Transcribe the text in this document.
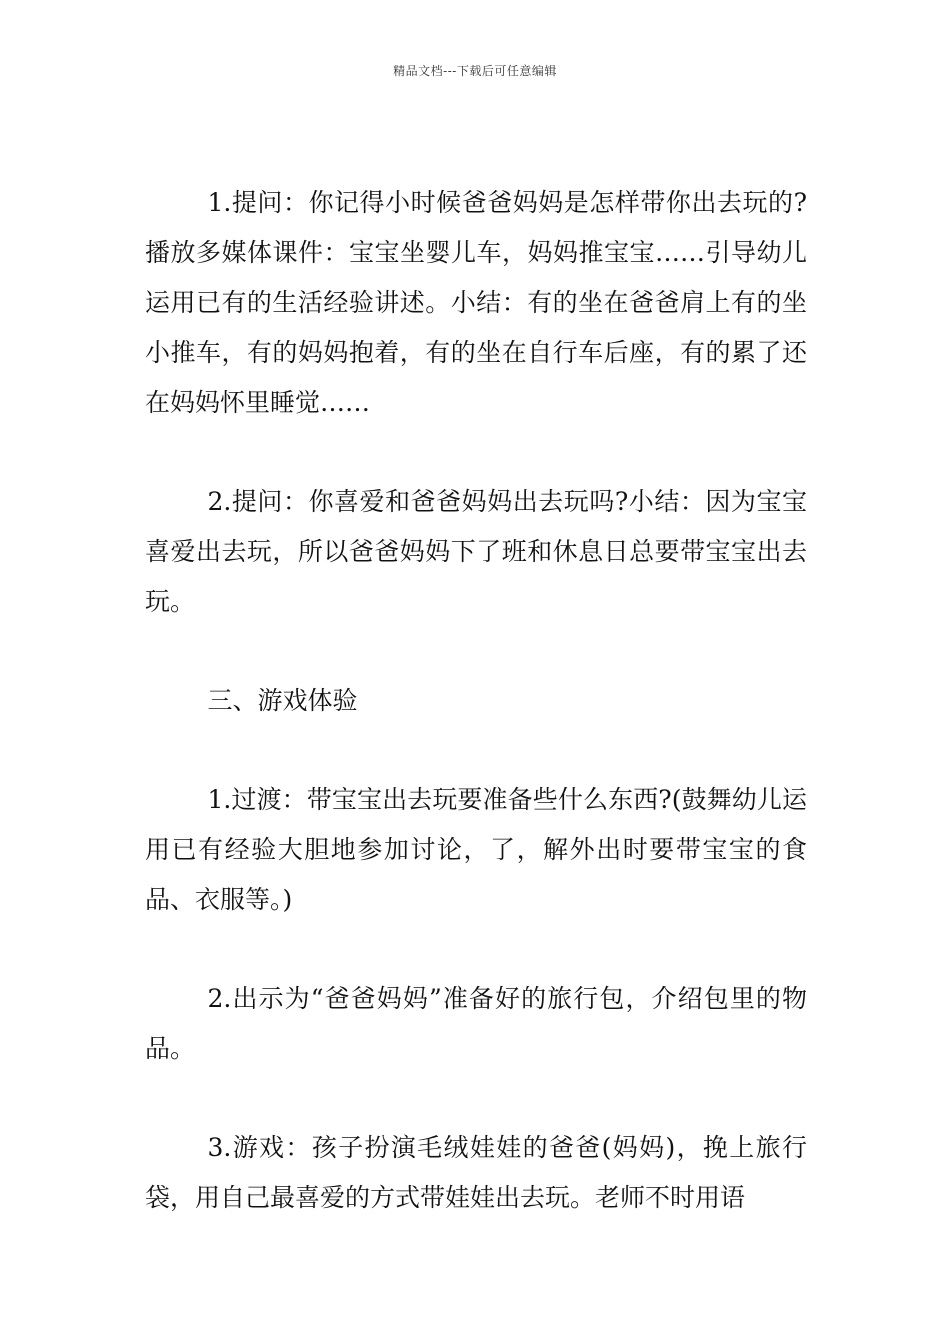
精品文档---下载后可任意编辑

1.提问：你记得小时候爸爸妈妈是怎样带你出去玩的?播放多媒体课件：宝宝坐婴儿车，妈妈推宝宝……引导幼儿运用已有的生活经验讲述。小结：有的坐在爸爸肩上有的坐小推车，有的妈妈抱着，有的坐在自行车后座，有的累了还在妈妈怀里睡觉……

2.提问：你喜爱和爸爸妈妈出去玩吗?小结：因为宝宝喜爱出去玩，所以爸爸妈妈下了班和休息日总要带宝宝出去玩。

三、游戏体验

1.过渡：带宝宝出去玩要准备些什么东西?(鼓舞幼儿运用已有经验大胆地参加讨论，了，解外出时要带宝宝的食品、衣服等。)

2.出示为“爸爸妈妈”准备好的旅行包，介绍包里的物品。

3.游戏：孩子扮演毛绒娃娃的爸爸(妈妈)，挽上旅行袋，用自己最喜爱的方式带娃娃出去玩。老师不时用语
